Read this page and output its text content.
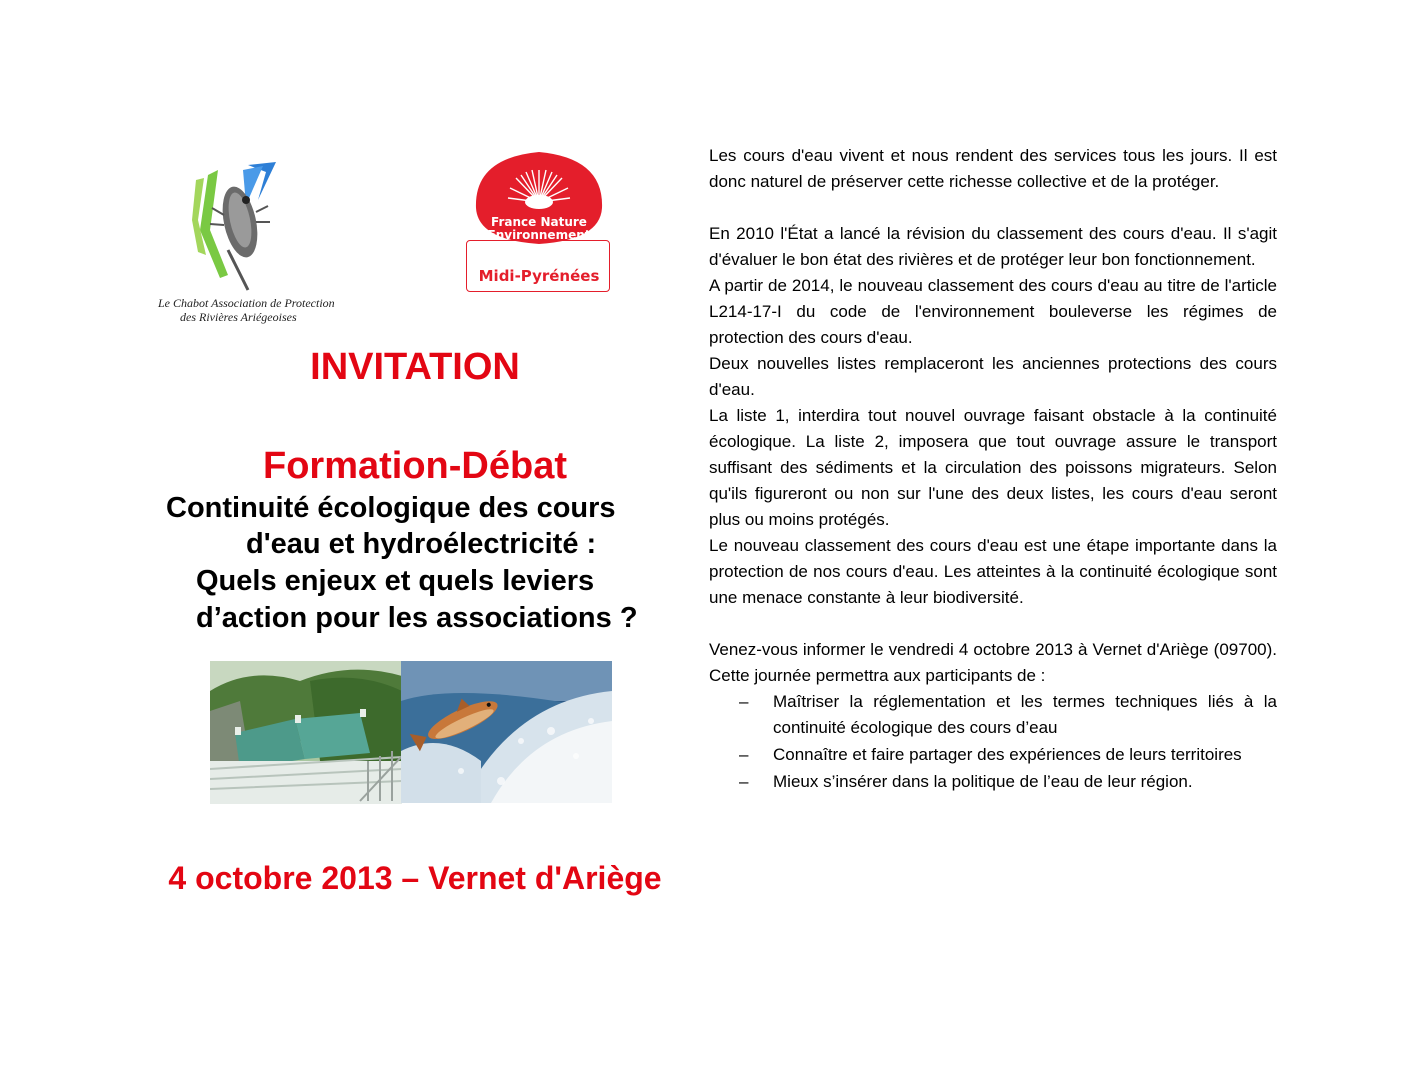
Le Chabot Association de Protection
des Rivières Ariégeoises
France Nature
Environnement
Midi-Pyrénées
INVITATION
Formation-Débat
Continuité écologique des cours
d'eau et hydroélectricité :
Quels enjeux et quels leviers
d’action pour les associations ?
4 octobre 2013 – Vernet d'Ariège

Les cours d'eau vivent et nous rendent des services tous les jours. Il est donc naturel de préserver cette richesse collective et de la protéger.

En 2010 l'État a lancé la révision du classement des cours d'eau. Il s'agit d'évaluer le bon état des rivières et de protéger leur bon fonctionnement.

A partir de 2014, le nouveau classement des cours d'eau au titre de l'article L214-17-I du code de l'environnement bouleverse les régimes de protection des cours d'eau.

Deux nouvelles listes remplaceront les anciennes protections des cours d'eau.

La liste 1, interdira tout nouvel ouvrage faisant obstacle à la continuité écologique. La liste 2, imposera que tout ouvrage assure le transport suffisant des sédiments et la circulation des poissons migrateurs. Selon qu'ils figureront ou non sur l'une des deux listes, les cours d'eau seront plus ou moins protégés.

Le nouveau classement des cours d'eau est une étape importante dans la protection de nos cours d'eau. Les atteintes à la continuité écologique sont une menace constante à leur biodiversité.

Venez-vous informer le vendredi 4 octobre 2013 à Vernet d'Ariège (09700). Cette journée permettra aux participants de :

– Maîtriser la réglementation et les termes techniques liés à la continuité écologique des cours d’eau
– Connaître et faire partager des expériences de leurs territoires
– Mieux s’insérer dans la politique de l’eau de leur région.
